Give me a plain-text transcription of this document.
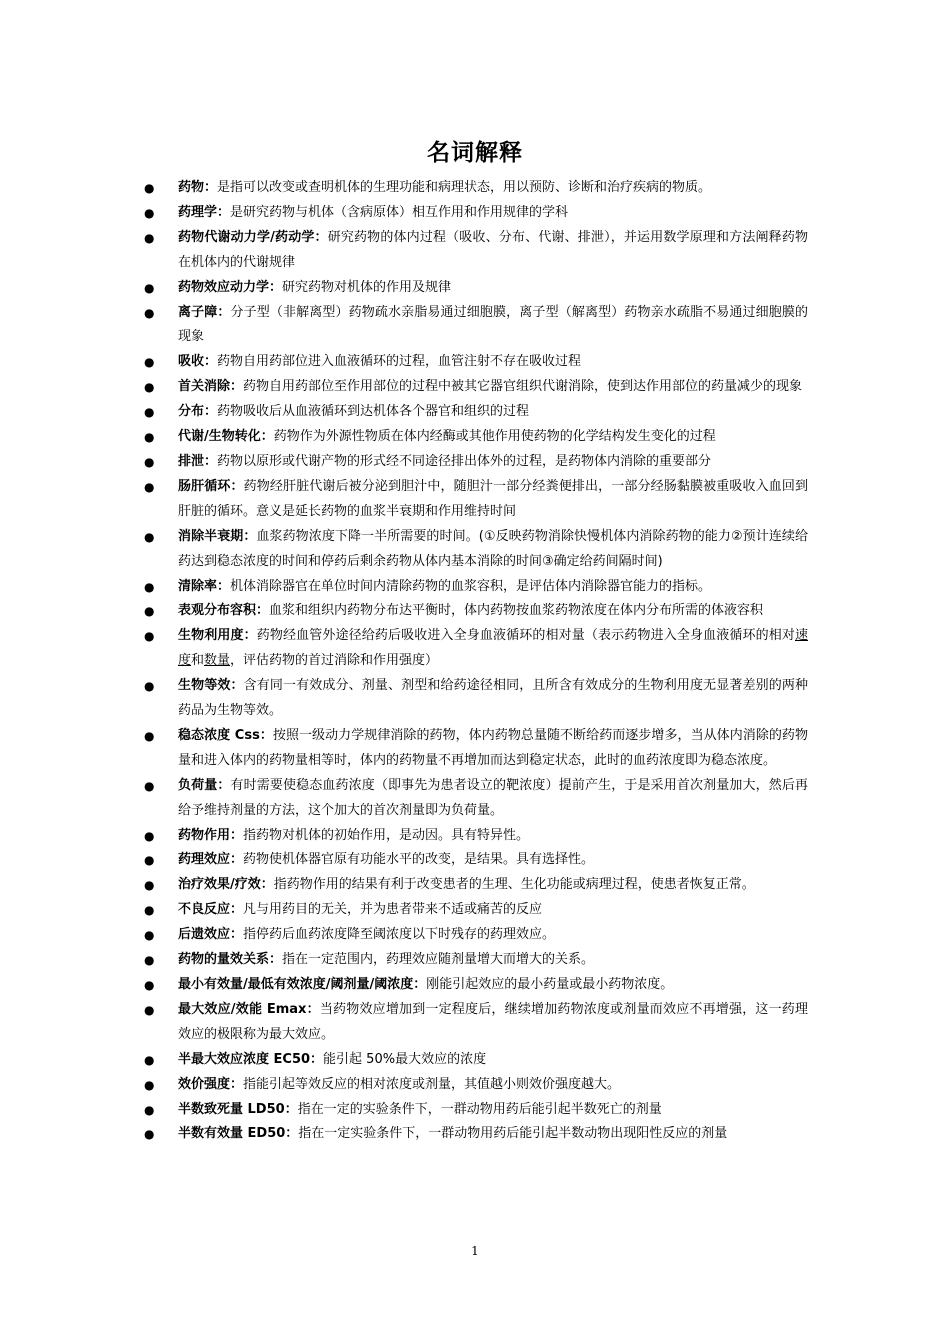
名词解释
● 药物：是指可以改变或查明机体的生理功能和病理状态，用以预防、诊断和治疗疾病的物质。
● 药理学：是研究药物与机体（含病原体）相互作用和作用规律的学科
● 药物代谢动力学/药动学：研究药物的体内过程（吸收、分布、代谢、排泄），并运用数学原理和方法阐释药物在机体内的代谢规律
● 药物效应动力学：研究药物对机体的作用及规律
● 离子障：分子型（非解离型）药物疏水亲脂易通过细胞膜，离子型（解离型）药物亲水疏脂不易通过细胞膜的现象
● 吸收：药物自用药部位进入血液循环的过程，血管注射不存在吸收过程
● 首关消除：药物自用药部位至作用部位的过程中被其它器官组织代谢消除，使到达作用部位的药量减少的现象
● 分布：药物吸收后从血液循环到达机体各个器官和组织的过程
● 代谢/生物转化：药物作为外源性物质在体内经酶或其他作用使药物的化学结构发生变化的过程
● 排泄：药物以原形或代谢产物的形式经不同途径排出体外的过程，是药物体内消除的重要部分
● 肠肝循环：药物经肝脏代谢后被分泌到胆汁中，随胆汁一部分经粪便排出，一部分经肠黏膜被重吸收入血回到肝脏的循环。意义是延长药物的血浆半衰期和作用维持时间
● 消除半衰期：血浆药物浓度下降一半所需要的时间。(①反映药物消除快慢机体内消除药物的能力②预计连续给药达到稳态浓度的时间和停药后剩余药物从体内基本消除的时间③确定给药间隔时间)
● 清除率：机体消除器官在单位时间内清除药物的血浆容积，是评估体内消除器官能力的指标。
● 表观分布容积：血浆和组织内药物分布达平衡时，体内药物按血浆药物浓度在体内分布所需的体液容积
● 生物利用度：药物经血管外途径给药后吸收进入全身血液循环的相对量（表示药物进入全身血液循环的相对速度和数量，评估药物的首过消除和作用强度）
● 生物等效：含有同一有效成分、剂量、剂型和给药途径相同，且所含有效成分的生物利用度无显著差别的两种药品为生物等效。
● 稳态浓度 Css：按照一级动力学规律消除的药物，体内药物总量随不断给药而逐步增多，当从体内消除的药物量和进入体内的药物量相等时，体内的药物量不再增加而达到稳定状态，此时的血药浓度即为稳态浓度。
● 负荷量：有时需要使稳态血药浓度（即事先为患者设立的靶浓度）提前产生，于是采用首次剂量加大，然后再给予维持剂量的方法，这个加大的首次剂量即为负荷量。
● 药物作用：指药物对机体的初始作用，是动因。具有特异性。
● 药理效应：药物使机体器官原有功能水平的改变，是结果。具有选择性。
● 治疗效果/疗效：指药物作用的结果有利于改变患者的生理、生化功能或病理过程，使患者恢复正常。
● 不良反应：凡与用药目的无关，并为患者带来不适或痛苦的反应
● 后遗效应：指停药后血药浓度降至阈浓度以下时残存的药理效应。
● 药物的量效关系：指在一定范围内，药理效应随剂量增大而增大的关系。
● 最小有效量/最低有效浓度/阈剂量/阈浓度：刚能引起效应的最小药量或最小药物浓度。
● 最大效应/效能 Emax：当药物效应增加到一定程度后，继续增加药物浓度或剂量而效应不再增强，这一药理效应的极限称为最大效应。
● 半最大效应浓度 EC50：能引起 50%最大效应的浓度
● 效价强度：指能引起等效反应的相对浓度或剂量，其值越小则效价强度越大。
● 半数致死量 LD50：指在一定的实验条件下，一群动物用药后能引起半数死亡的剂量
● 半数有效量 ED50：指在一定实验条件下，一群动物用药后能引起半数动物出现阳性反应的剂量
1
